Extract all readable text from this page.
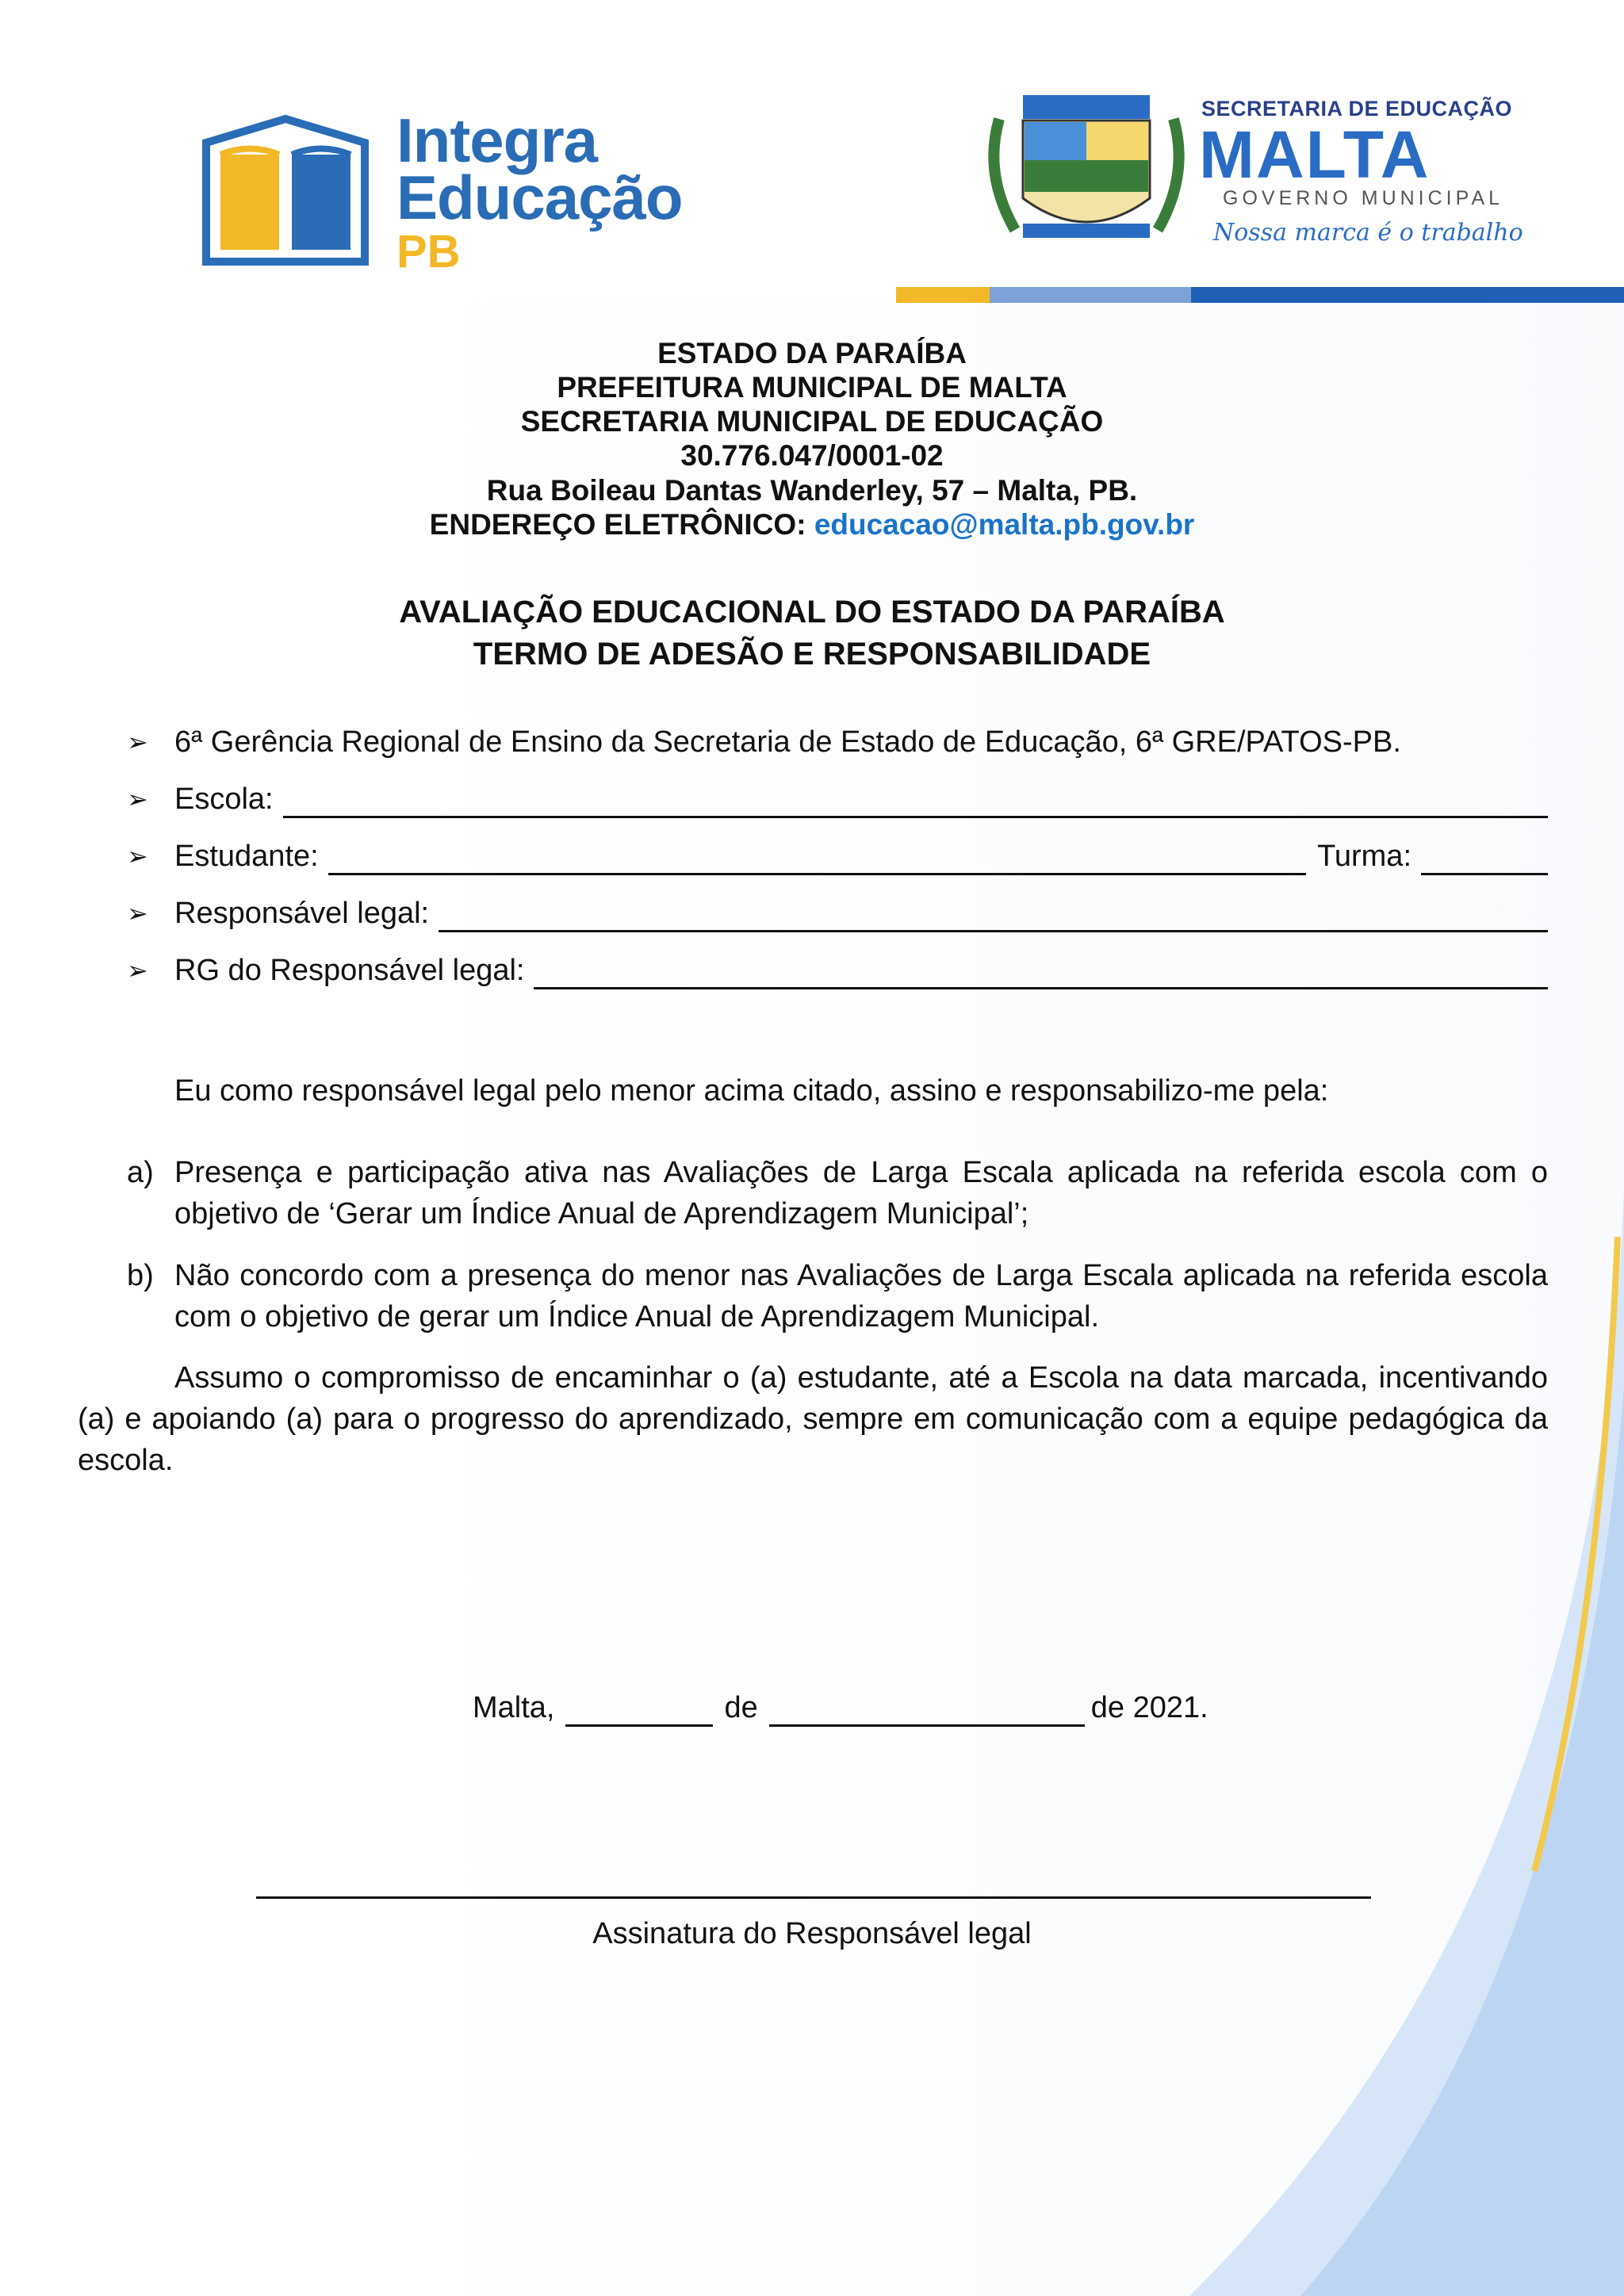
Integra
Educação
PB
SECRETARIA DE EDUCAÇÃO
MALTA
GOVERNO MUNICIPAL
Nossa marca é o trabalho
ESTADO DA PARAÍBA
PREFEITURA MUNICIPAL DE MALTA
SECRETARIA MUNICIPAL DE EDUCAÇÃO
30.776.047/0001-02
Rua Boileau Dantas Wanderley, 57 – Malta, PB.
ENDEREÇO ELETRÔNICO: educacao@malta.pb.gov.br
AVALIAÇÃO EDUCACIONAL DO ESTADO DA PARAÍBA
TERMO DE ADESÃO E RESPONSABILIDADE
➢ 6ª Gerência Regional de Ensino da Secretaria de Estado de Educação, 6ª GRE/PATOS-PB.
➢ Escola:
➢ Estudante:	Turma:
➢ Responsável legal:
➢ RG do Responsável legal:
Eu como responsável legal pelo menor acima citado, assino e responsabilizo-me pela:
a) Presença e participação ativa nas Avaliações de Larga Escala aplicada na referida escola com o objetivo de ‘Gerar um Índice Anual de Aprendizagem Municipal’;
b) Não concordo com a presença do menor nas Avaliações de Larga Escala aplicada na referida escola com o objetivo de gerar um Índice Anual de Aprendizagem Municipal.
Assumo o compromisso de encaminhar o (a) estudante, até a Escola na data marcada, incentivando (a) e apoiando (a) para o progresso do aprendizado, sempre em comunicação com a equipe pedagógica da escola.
Malta,	de	de 2021.
Assinatura do Responsável legal
